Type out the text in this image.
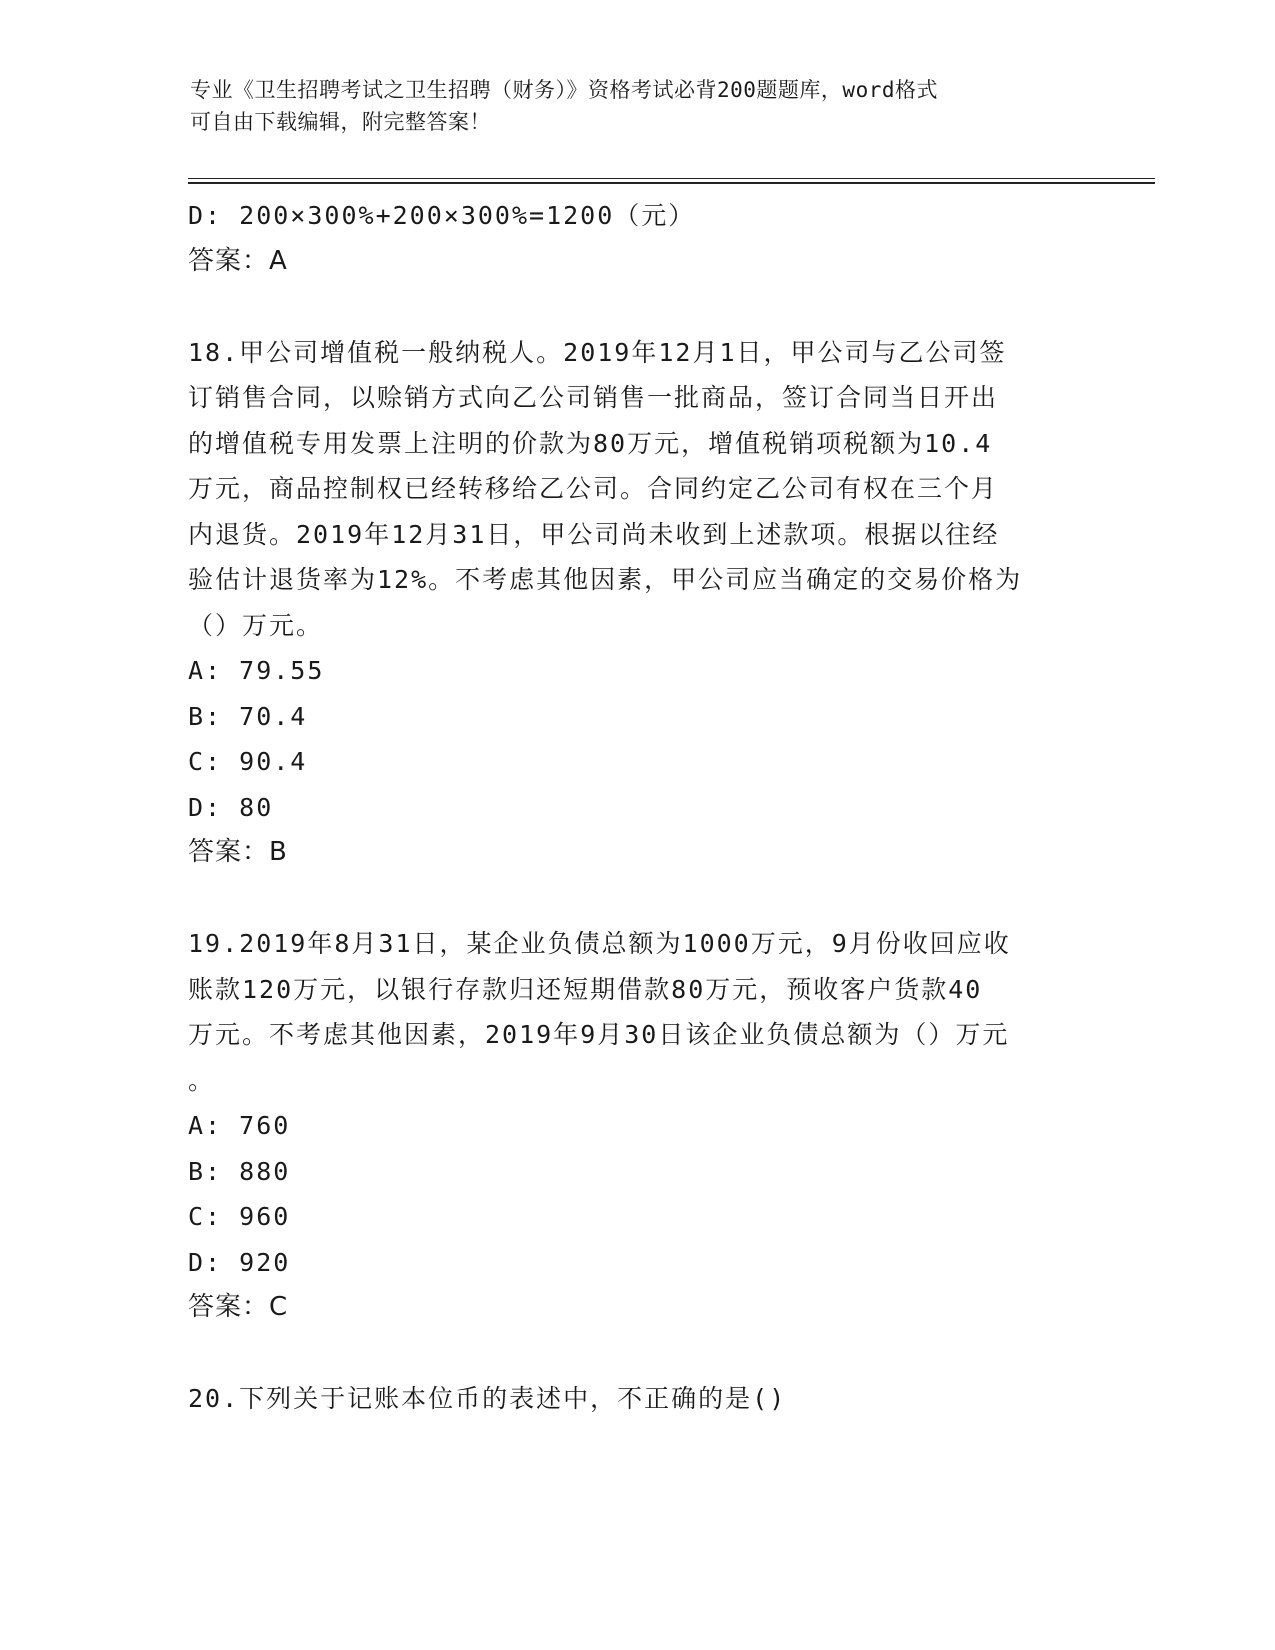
专业《卫生招聘考试之卫生招聘（财务）》资格考试必背200题题库，word格式
可自由下载编辑，附完整答案！
D: 200×300%+200×300%=1200（元）
答案：A
18.甲公司增值税一般纳税人。2019年12月1日，甲公司与乙公司签
订销售合同，以赊销方式向乙公司销售一批商品，签订合同当日开出
的增值税专用发票上注明的价款为80万元，增值税销项税额为10.4
万元，商品控制权已经转移给乙公司。合同约定乙公司有权在三个月
内退货。2019年12月31日，甲公司尚未收到上述款项。根据以往经
验估计退货率为12%。不考虑其他因素，甲公司应当确定的交易价格为
（）万元。
A: 79.55
B: 70.4
C: 90.4
D: 80
答案：B
19.2019年8月31日，某企业负债总额为1000万元，9月份收回应收
账款120万元，以银行存款归还短期借款80万元，预收客户货款40
万元。不考虑其他因素，2019年9月30日该企业负债总额为（）万元
。
A: 760
B: 880
C: 960
D: 920
答案：C
20.下列关于记账本位币的表述中，不正确的是()
